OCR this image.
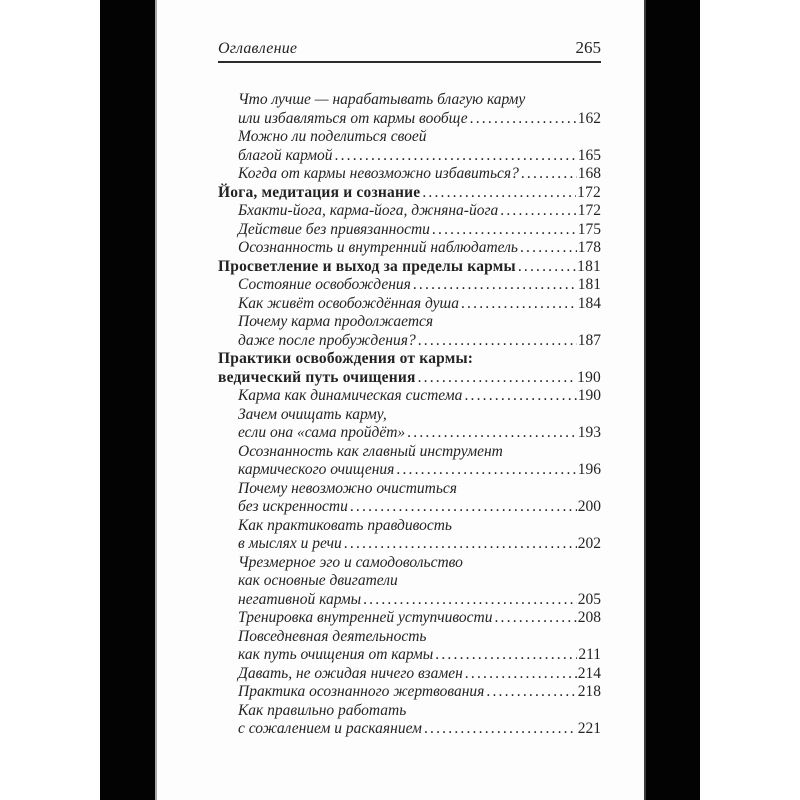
Оглавление	265
Что лучше — нарабатывать благую карму
или избавляться от кармы вообще .....	162
Можно ли поделиться своей
благой кармой .....	165
Когда от кармы невозможно избавиться? .....	168
Йога, медитация и сознание .....	172
Бхакти-йога, карма-йога, джняна-йога .....	172
Действие без привязанности .....	175
Осознанность и внутренний наблюдатель .....	178
Просветление и выход за пределы кармы .....	181
Состояние освобождения .....	181
Как живёт освобождённая душа .....	184
Почему карма продолжается
даже после пробуждения? .....	187
Практики освобождения от кармы:
ведический путь очищения .....	190
Карма как динамическая система .....	190
Зачем очищать карму,
если она «сама пройдёт» .....	193
Осознанность как главный инструмент
кармического очищения .....	196
Почему невозможно очиститься
без искренности .....	200
Как практиковать правдивость
в мыслях и речи .....	202
Чрезмерное эго и самодовольство
как основные двигатели
негативной кармы .....	205
Тренировка внутренней уступчивости .....	208
Повседневная деятельность
как путь очищения от кармы .....	211
Давать, не ожидая ничего взамен .....	214
Практика осознанного жертвования .....	218
Как правильно работать
с сожалением и раскаянием .....	221
